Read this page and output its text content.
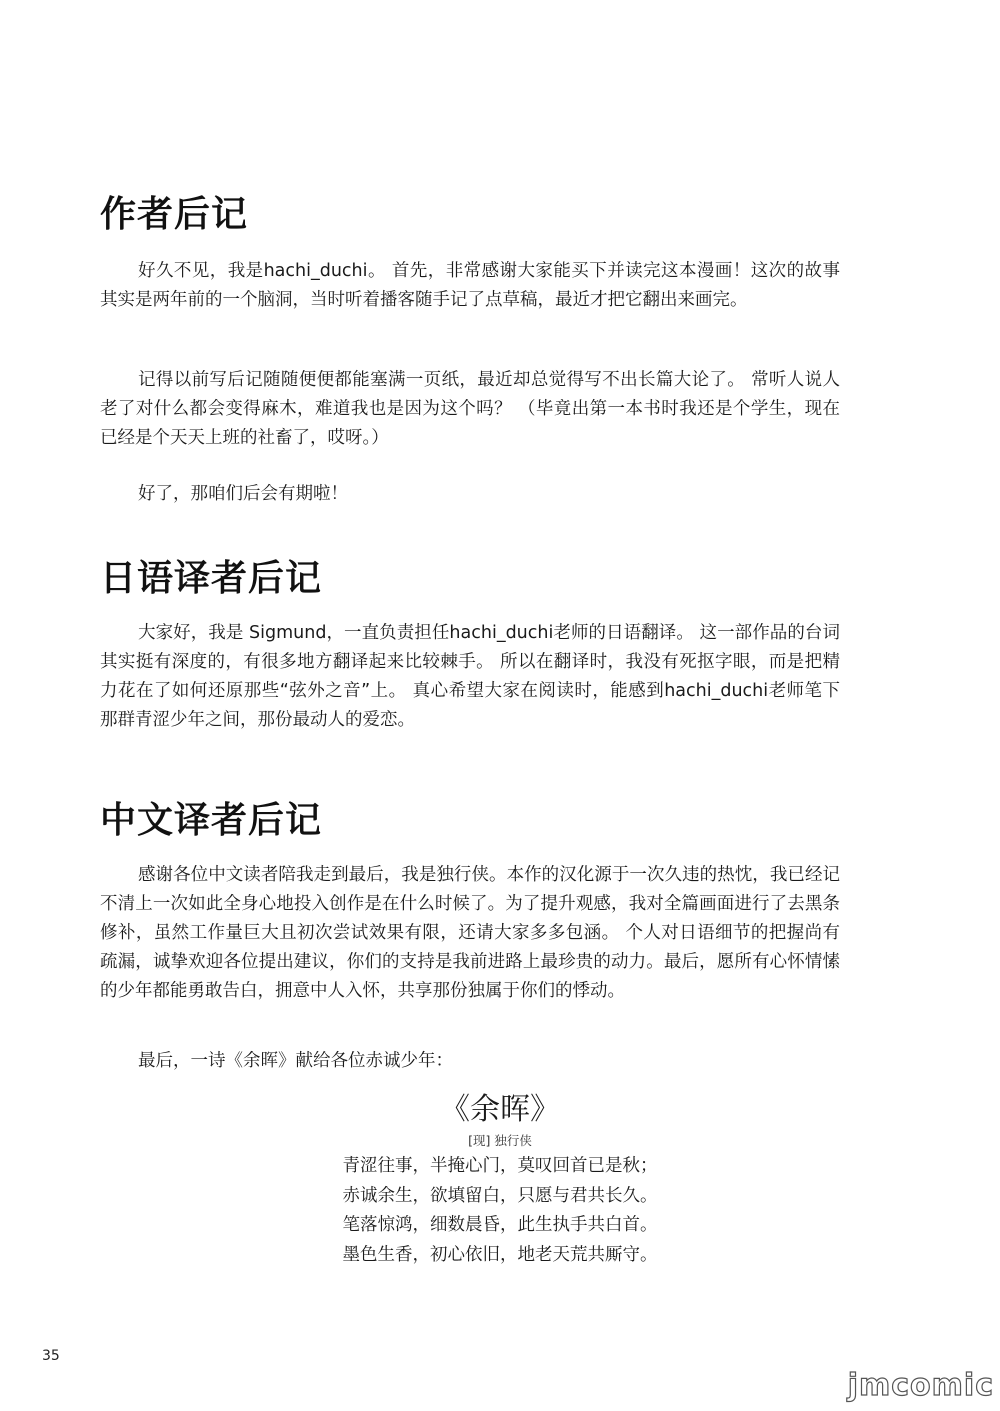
作者后记

好久不见，我是hachi_duchi。 首先，非常感谢大家能买下并读完这本漫画！这次的故事其实是两年前的一个脑洞，当时听着播客随手记了点草稿，最近才把它翻出来画完。

记得以前写后记随随便便都能塞满一页纸，最近却总觉得写不出长篇大论了。 常听人说人老了对什么都会变得麻木，难道我也是因为这个吗？ （毕竟出第一本书时我还是个学生，现在已经是个天天上班的社畜了，哎呀。）

好了，那咱们后会有期啦！

日语译者后记

大家好，我是 Sigmund，一直负责担任hachi_duchi老师的日语翻译。 这一部作品的台词其实挺有深度的，有很多地方翻译起来比较棘手。 所以在翻译时，我没有死抠字眼，而是把精力花在了如何还原那些“弦外之音”上。 真心希望大家在阅读时，能感到hachi_duchi老师笔下那群青涩少年之间，那份最动人的爱恋。

中文译者后记

感谢各位中文读者陪我走到最后，我是独行侠。本作的汉化源于一次久违的热忱，我已经记不清上一次如此全身心地投入创作是在什么时候了。为了提升观感，我对全篇画面进行了去黑条修补，虽然工作量巨大且初次尝试效果有限，还请大家多多包涵。 个人对日语细节的把握尚有疏漏，诚挚欢迎各位提出建议，你们的支持是我前进路上最珍贵的动力。最后，愿所有心怀情愫的少年都能勇敢告白，拥意中人入怀，共享那份独属于你们的悸动。

最后，一诗《余晖》献给各位赤诚少年：

《余晖》

[现] 独行侠

青涩往事，半掩心门，莫叹回首已是秋；

赤诚余生，欲填留白，只愿与君共长久。

笔落惊鸿，细数晨昏，此生执手共白首。

墨色生香，初心依旧，地老天荒共厮守。

35
jmcomic
